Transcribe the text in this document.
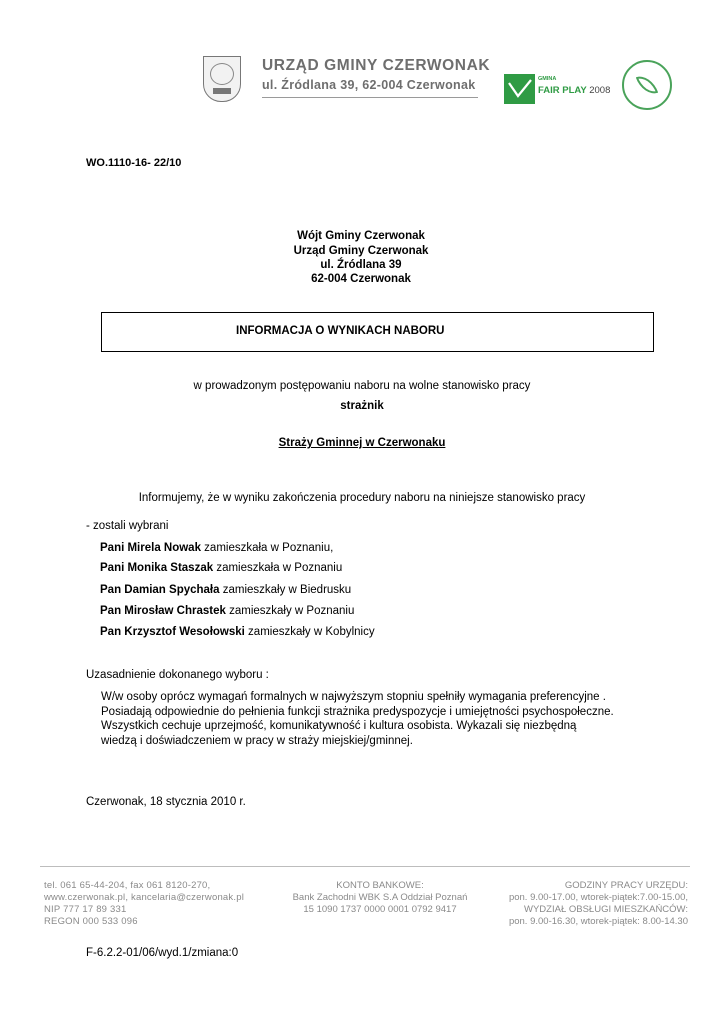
URZĄD GMINY CZERWONAK
ul. Źródlana 39, 62-004 Czerwonak	GMINA
FAIR PLAY 2008
WO.1110-16- 22/10
Wójt Gminy Czerwonak
Urząd Gminy Czerwonak
ul. Źródlana 39
62-004 Czerwonak
INFORMACJA O WYNIKACH NABORU
w prowadzonym postępowaniu naboru na wolne stanowisko pracy
strażnik
Straży Gminnej w Czerwonaku
Informujemy, że w wyniku zakończenia procedury naboru na niniejsze stanowisko pracy
- zostali wybrani
Pani Mirela Nowak zamieszkała w Poznaniu,
Pani Monika Staszak zamieszkała w Poznaniu
Pan Damian Spychała zamieszkały w Biedrusku
Pan Mirosław Chrastek zamieszkały w Poznaniu
Pan Krzysztof Wesołowski zamieszkały w Kobylnicy
Uzasadnienie dokonanego wyboru :
W/w osoby oprócz wymagań formalnych w najwyższym stopniu spełniły wymagania preferencyjne .
Posiadają odpowiednie do pełnienia funkcji strażnika predyspozycje i umiejętności psychospołeczne.
Wszystkich cechuje uprzejmość, komunikatywność i kultura osobista. Wykazali się niezbędną
wiedzą i doświadczeniem w pracy w straży miejskiej/gminnej.
Czerwonak, 18 stycznia 2010 r.
tel. 061 65-44-204, fax 061 8120-270,
www.czerwonak.pl, kancelaria@czerwonak.pl
NIP 777 17 89 331
REGON 000 533 096
KONTO BANKOWE:
Bank Zachodni WBK S.A Oddział Poznań
15 1090 1737 0000 0001 0792 9417
GODZINY PRACY URZĘDU:
pon. 9.00-17.00, wtorek-piątek:7.00-15.00,
WYDZIAŁ OBSŁUGI MIESZKAŃCÓW:
pon. 9.00-16.30, wtorek-piątek: 8.00-14.30
F-6.2.2-01/06/wyd.1/zmiana:0
